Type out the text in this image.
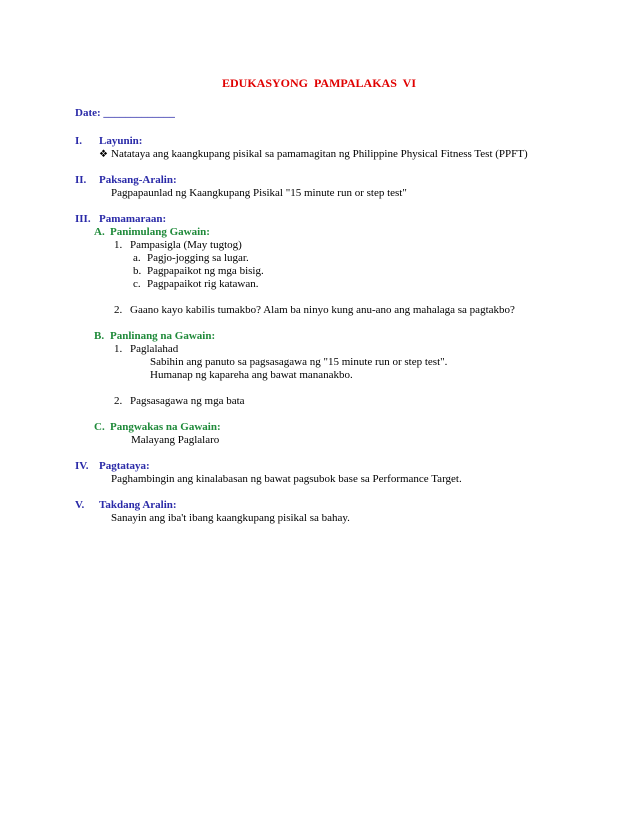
EDUKASYONG PAMPALAKAS VI
Date: _____________
I. Layunin:
❖ Natataya ang kaangkupang pisikal sa pamamagitan ng Philippine Physical Fitness Test (PPFT)
II. Paksang-Aralin:
Pagpapaunlad ng Kaangkupang Pisikal "15 minute run or step test"
III. Pamamaraan:
A. Panimulang Gawain:
1. Pampasigla (May tugtog)
a. Pagjo-jogging sa lugar.
b. Pagpapaikot ng mga bisig.
c. Pagpapaikot rig katawan.
2. Gaano kayo kabilis tumakbo? Alam ba ninyo kung anu-ano ang mahalaga sa pagtakbo?
B. Panlinang na Gawain:
1. Paglalahad
Sabihin ang panuto sa pagsasagawa ng "15 minute run or step test".
Humanap ng kapareha ang bawat mananakbo.
2. Pagsasagawa ng mga bata
C. Pangwakas na Gawain:
Malayang Paglalaro
IV. Pagtataya:
Paghambingin ang kinalabasan ng bawat pagsubok base sa Performance Target.
V. Takdang Aralin:
Sanayin ang iba't ibang kaangkupang pisikal sa bahay.
